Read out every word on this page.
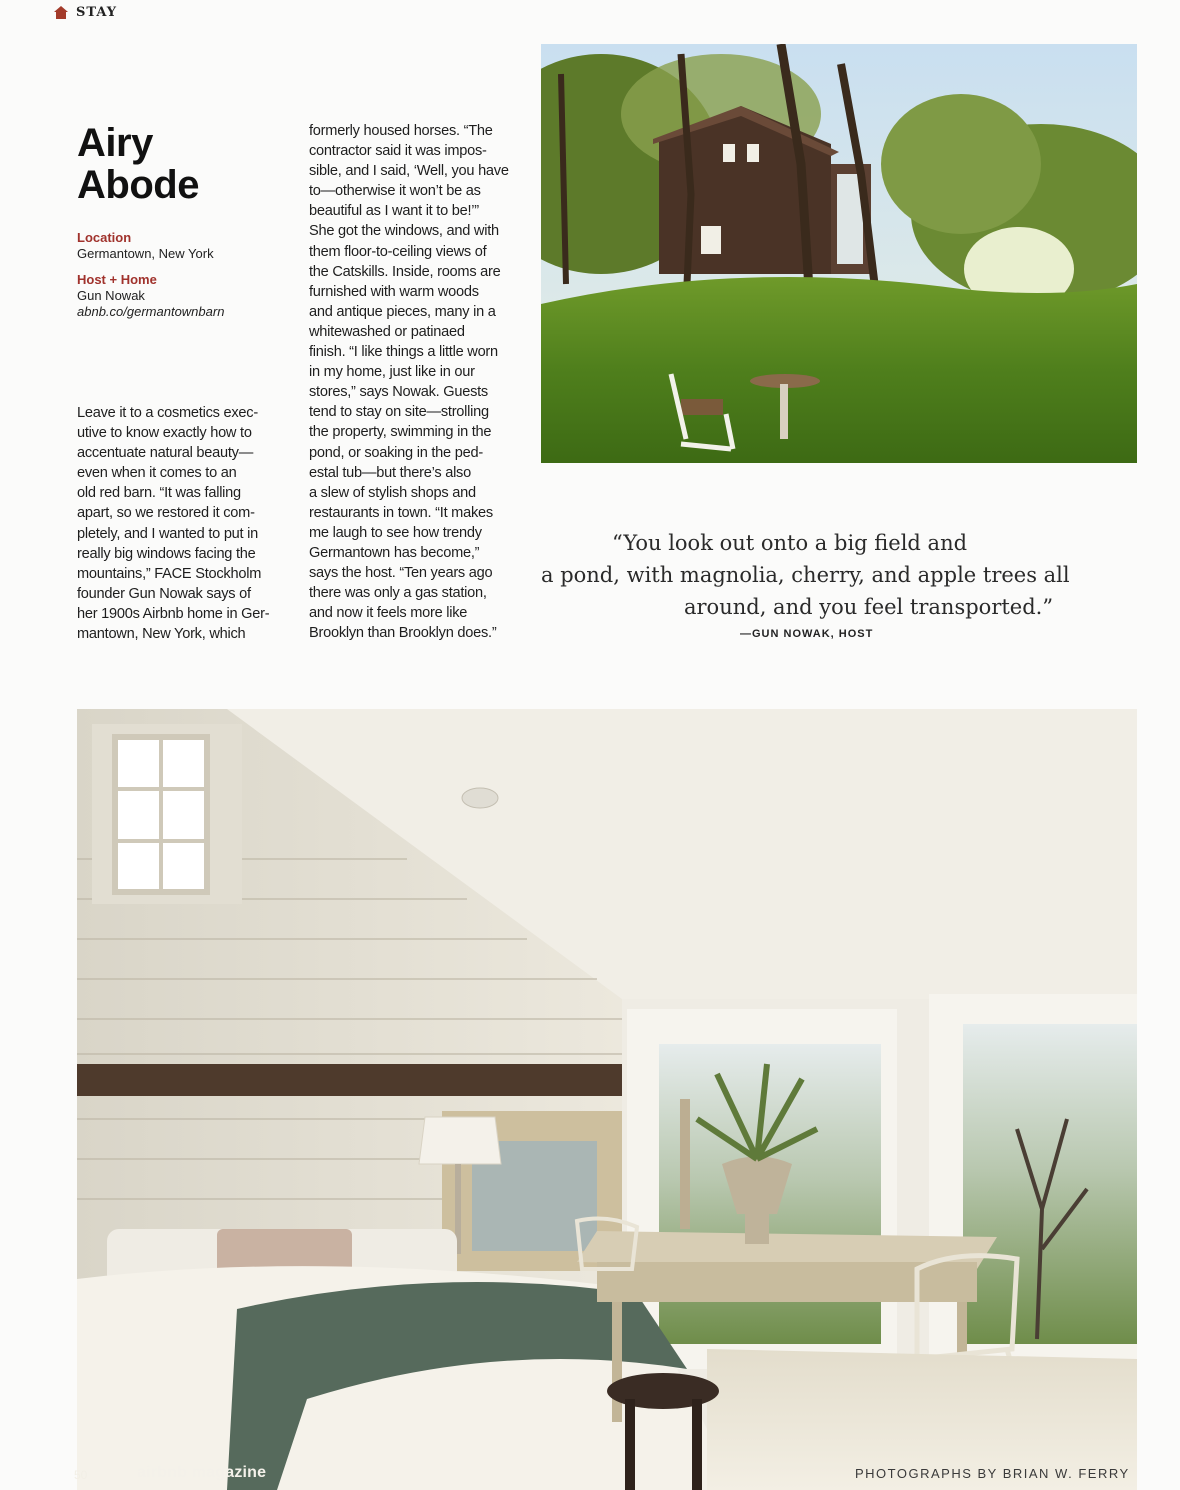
STAY
Airy
Abode
Location
Germantown, New York
Host + Home
Gun Nowak
abnb.co/germantownbarn
Leave it to a cosmetics exec-
utive to know exactly how to
accentuate natural beauty—
even when it comes to an
old red barn. “It was falling
apart, so we restored it com-
pletely, and I wanted to put in
really big windows facing the
mountains,” FACE Stockholm
founder Gun Nowak says of
her 1900s Airbnb home in Ger-
mantown, New York, which
formerly housed horses. “The
contractor said it was impos-
sible, and I said, ‘Well, you have
to—otherwise it won’t be as
beautiful as I want it to be!’”
She got the windows, and with
them floor-to-ceiling views of
the Catskills. Inside, rooms are
furnished with warm woods
and antique pieces, many in a
whitewashed or patinaed
finish. “I like things a little worn
in my home, just like in our
stores,” says Nowak. Guests
tend to stay on site—strolling
the property, swimming in the
pond, or soaking in the ped-
estal tub—but there’s also
a slew of stylish shops and
restaurants in town. “It makes
me laugh to see how trendy
Germantown has become,”
says the host. “Ten years ago
there was only a gas station,
and now it feels more like
Brooklyn than Brooklyn does.”
“You look out onto a big field and
a pond, with magnolia, cherry, and apple trees all
around, and you feel transported.”
—GUN NOWAK, HOST
50	airbnb magazine	PHOTOGRAPHS BY BRIAN W. FERRY
